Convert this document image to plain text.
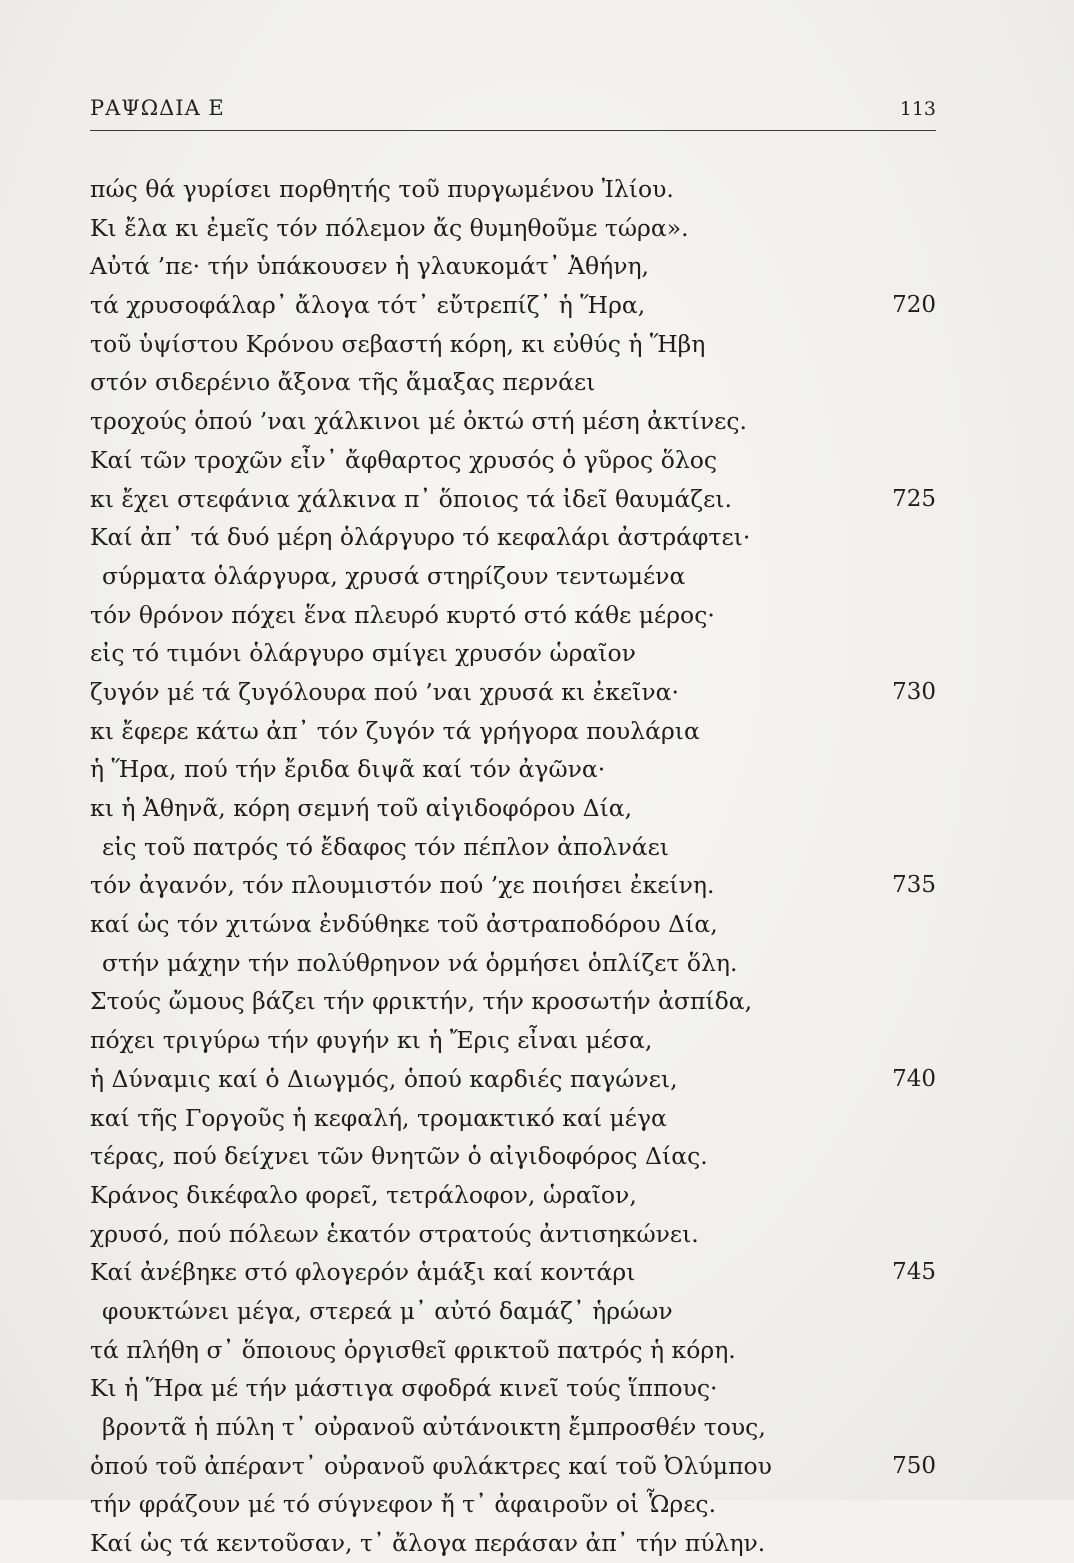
ΡΑΨΩΔΙΑ Ε	113
πώς θά γυρίσει πορθητής τοῦ πυργωμένου Ἰλίου.
Κι ἔλα κι ἐμεῖς τόν πόλεμον ἄς θυμηθοῦμε τώρα».
Αὐτά ’πε· τήν ὑπάκουσεν ἡ γλαυκομάτ᾽ Ἀθήνη,
τά χρυσοφάλαρ᾽ ἄλογα τότ᾽ εὔτρεπίζ᾽ ἡ Ἥρα,	720
τοῦ ὑψίστου Κρόνου σεβαστή κόρη, κι εὐθύς ἡ Ἥβη
στόν σιδερένιο ἄξονα τῆς ἅμαξας περνάει
τροχούς ὁπού ’ναι χάλκινοι μέ ὀκτώ στή μέση ἀκτίνες.
Καί τῶν τροχῶν εἶν᾽ ἄφθαρτος χρυσός ὁ γῦρος ὅλος
κι ἔχει στεφάνια χάλκινα π᾽ ὅποιος τά ἰδεῖ θαυμάζει.	725
Καί ἀπ᾽ τά δυό μέρη ὁλάργυρο τό κεφαλάρι ἀστράφτει·
σύρματα ὁλάργυρα, χρυσά στηρίζουν τεντωμένα
τόν θρόνον πόχει ἕνα πλευρό κυρτό στό κάθε μέρος·
εἰς τό τιμόνι ὁλάργυρο σμίγει χρυσόν ὡραῖον
ζυγόν μέ τά ζυγόλουρα πού ’ναι χρυσά κι ἐκεῖνα·	730
κι ἔφερε κάτω ἀπ᾽ τόν ζυγόν τά γρήγορα πουλάρια
ἡ Ἥρα, πού τήν ἔριδα διψᾶ καί τόν ἀγῶνα·
κι ἡ Ἀθηνᾶ, κόρη σεμνή τοῦ αἰγιδοφόρου Δία,
εἰς τοῦ πατρός τό ἔδαφος τόν πέπλον ἀπολνάει
τόν ἀγανόν, τόν πλουμιστόν πού ’χε ποιήσει ἐκείνη.	735
καί ὡς τόν χιτώνα ἐνδύθηκε τοῦ ἀστραποδόρου Δία,
στήν μάχην τήν πολύθρηνον νά ὁρμήσει ὁπλίζετ ὅλη.
Στούς ὤμους βάζει τήν φρικτήν, τήν κροσωτήν ἀσπίδα,
πόχει τριγύρω τήν φυγήν κι ἡ Ἔρις εἶναι μέσα,
ἡ Δύναμις καί ὁ Διωγμός, ὁπού καρδιές παγώνει,	740
καί τῆς Γοργοῦς ἡ κεφαλή, τρομακτικό καί μέγα
τέρας, πού δείχνει τῶν θνητῶν ὁ αἰγιδοφόρος Δίας.
Κράνος δικέφαλο φορεῖ, τετράλοφον, ὡραῖον,
χρυσό, πού πόλεων ἑκατόν στρατούς ἀντισηκώνει.
Καί ἀνέβηκε στό φλογερόν ἁμάξι καί κοντάρι	745
φουκτώνει μέγα, στερεά μ᾽ αὐτό δαμάζ᾽ ἡρώων
τά πλήθη σ᾽ ὅποιους ὀργισθεῖ φρικτοῦ πατρός ἡ κόρη.
Κι ἡ Ἥρα μέ τήν μάστιγα σφοδρά κινεῖ τούς ἵππους·
βροντᾶ ἡ πύλη τ᾽ οὐρανοῦ αὐτάνοικτη ἔμπροσθέν τους,
ὁπού τοῦ ἀπέραντ᾽ οὐρανοῦ φυλάκτρες καί τοῦ Ὀλύμπου	750
τήν φράζουν μέ τό σύγνεφον ἤ τ᾽ ἀφαιροῦν οἱ Ὧρες.
Καί ὡς τά κεντοῦσαν, τ᾽ ἄλογα περάσαν ἀπ᾽ τήν πύλην.
